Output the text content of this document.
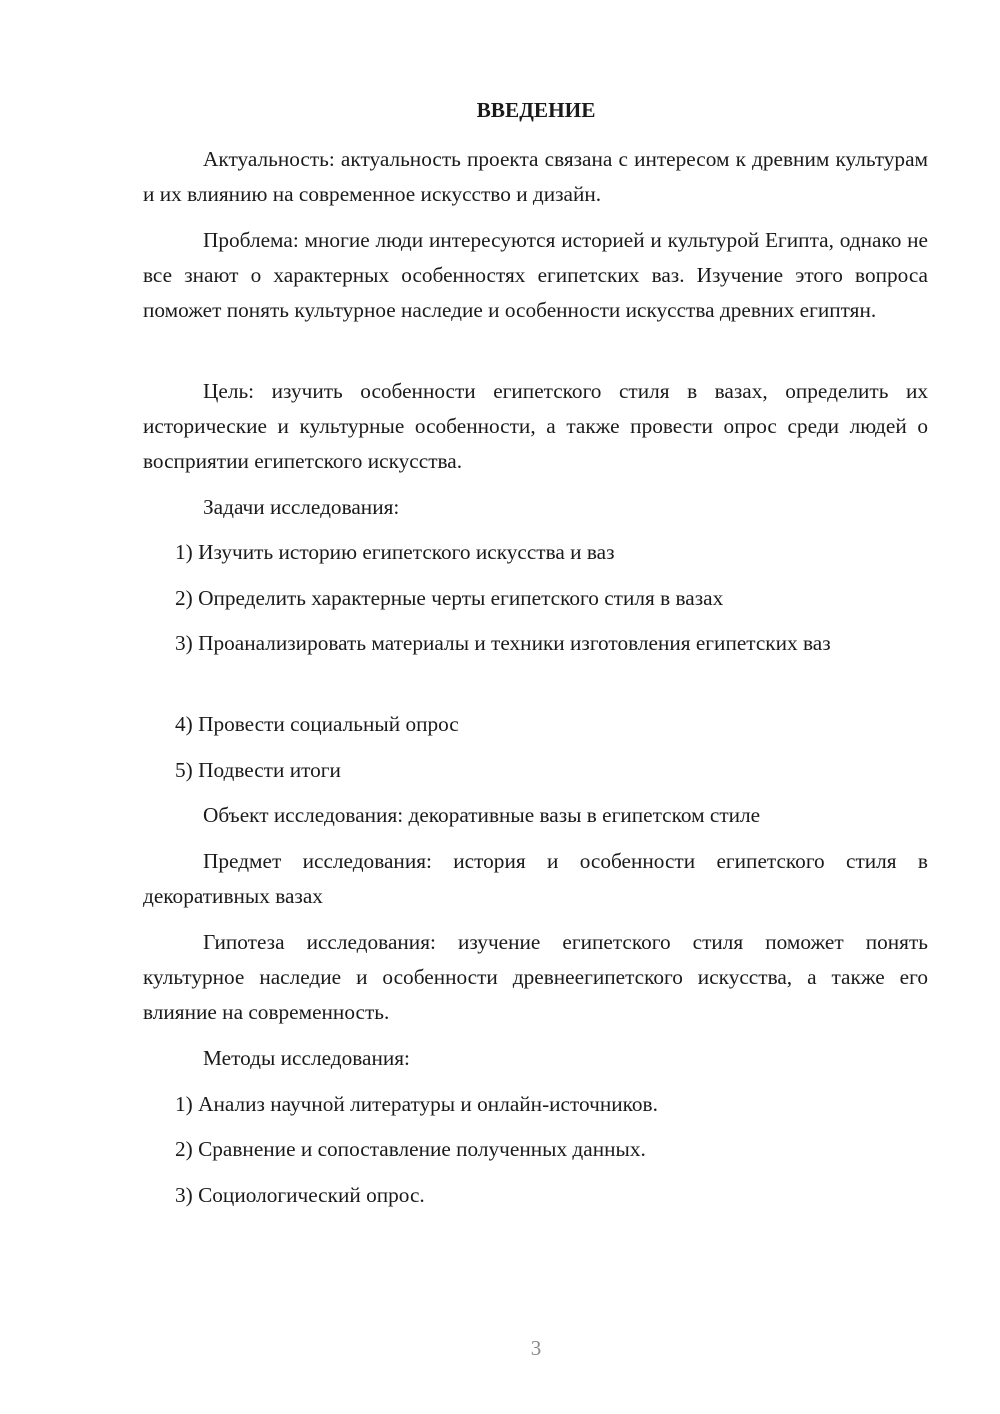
ВВЕДЕНИЕ

Актуальность: актуальность проекта связана с интересом к древним культурам и их влиянию на современное искусство и дизайн.

Проблема: многие люди интересуются историей и культурой Египта, однако не все знают о характерных особенностях египетских ваз. Изучение этого вопроса поможет понять культурное наследие и особенности искусства древних египтян.

Цель: изучить особенности египетского стиля в вазах, определить их исторические и культурные особенности, а также провести опрос среди людей о восприятии египетского искусства.

Задачи исследования:

1) Изучить историю египетского искусства и ваз

2) Определить характерные черты египетского стиля в вазах

3) Проанализировать материалы и техники изготовления египетских ваз

4) Провести социальный опрос

5) Подвести итоги

Объект исследования: декоративные вазы в египетском стиле

Предмет исследования: история и особенности египетского стиля в декоративных вазах

Гипотеза исследования: изучение египетского стиля поможет понять культурное наследие и особенности древнеегипетского искусства, а также его влияние на современность.

Методы исследования:

1) Анализ научной литературы и онлайн-источников.

2) Сравнение и сопоставление полученных данных.

3) Социологический опрос.

3
